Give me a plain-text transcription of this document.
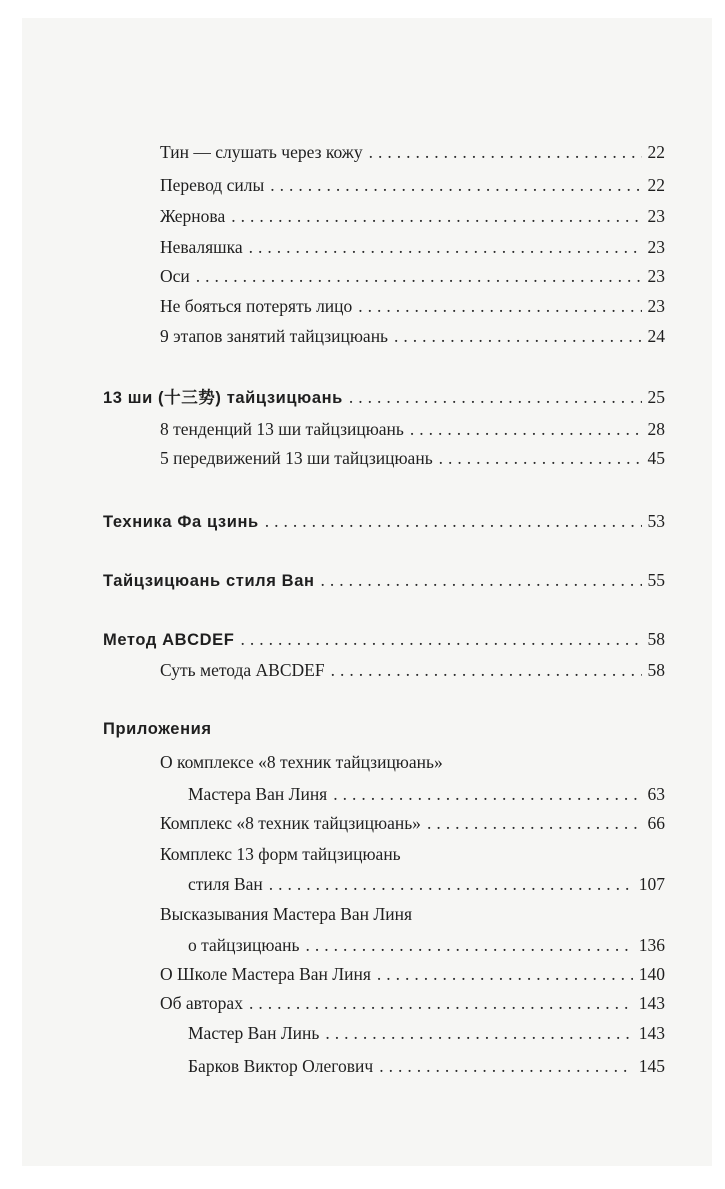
Тин — слушать через кожу .....	22
Перевод силы .....	22
Жернова .....	23
Неваляшка .....	23
Оси .....	23
Не бояться потерять лицо .....	23
9 этапов занятий тайцзицюань .....	24
13 ши (十三势) тайцзицюань .....	25
8 тенденций 13 ши тайцзицюань .....	28
5 передвижений 13 ши тайцзицюань .....	45
Техника Фа цзинь .....	53
Тайцзицюань стиля Ван .....	55
Метод ABCDEF .....	58
Суть метода ABCDEF .....	58
Приложения
О комплексе «8 техник тайцзицюань»
Мастера Ван Линя .....	63
Комплекс «8 техник тайцзицюань» .....	66
Комплекс 13 форм тайцзицюань
стиля Ван .....	107
Высказывания Мастера Ван Линя
о тайцзицюань .....	136
О Школе Мастера Ван Линя .....	140
Об авторах .....	143
Мастер Ван Линь .....	143
Барков Виктор Олегович .....	145
